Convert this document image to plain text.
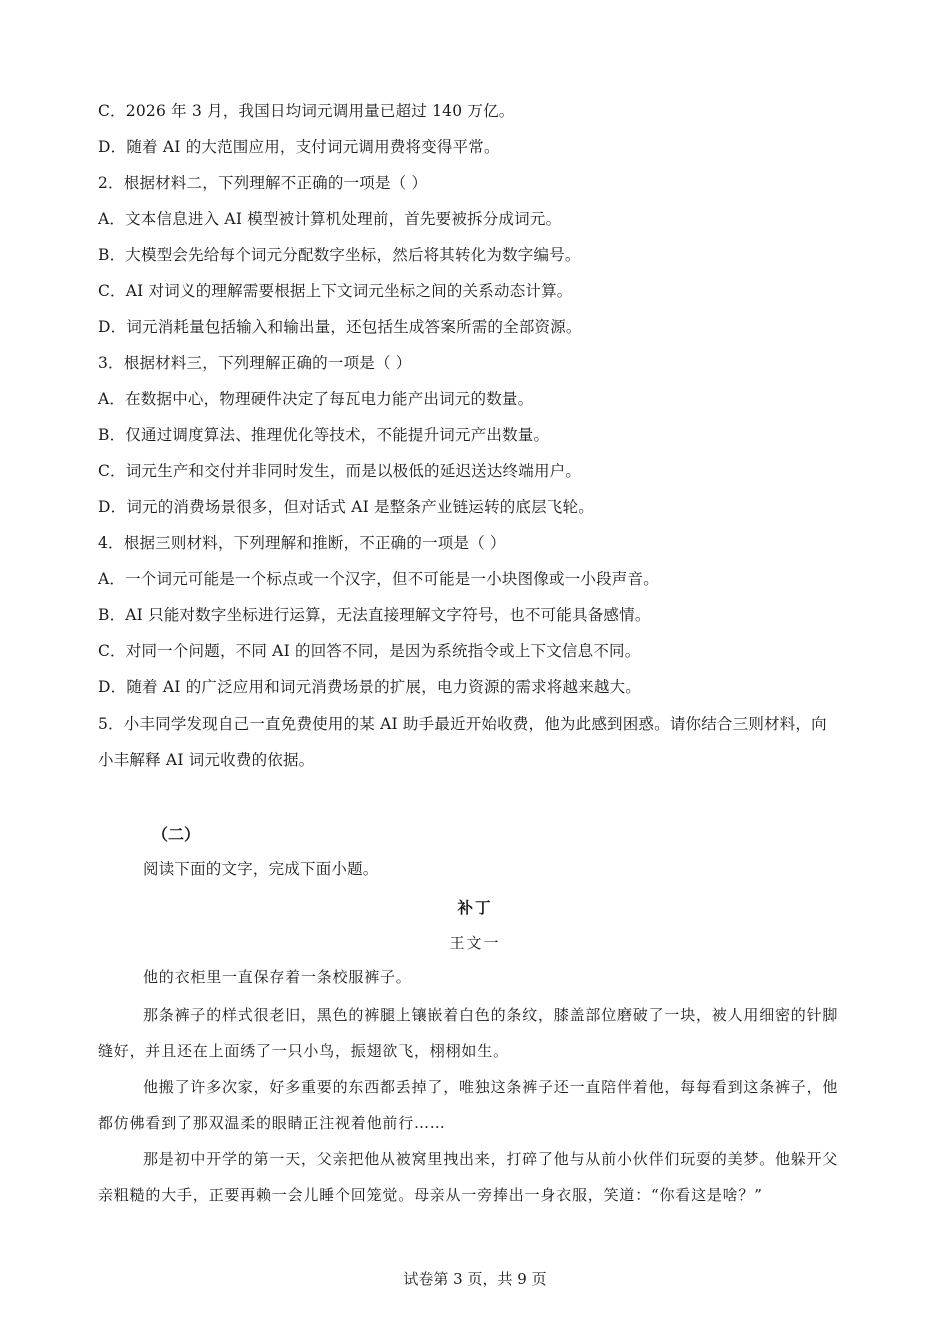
C．2026 年 3 月，我国日均词元调用量已超过 140 万亿。
D．随着 AI 的大范围应用，支付词元调用费将变得平常。
2．根据材料二，下列理解不正确的一项是（ ）
A．文本信息进入 AI 模型被计算机处理前，首先要被拆分成词元。
B．大模型会先给每个词元分配数字坐标，然后将其转化为数字编号。
C．AI 对词义的理解需要根据上下文词元坐标之间的关系动态计算。
D．词元消耗量包括输入和输出量，还包括生成答案所需的全部资源。
3．根据材料三，下列理解正确的一项是（ ）
A．在数据中心，物理硬件决定了每瓦电力能产出词元的数量。
B．仅通过调度算法、推理优化等技术，不能提升词元产出数量。
C．词元生产和交付并非同时发生，而是以极低的延迟送达终端用户。
D．词元的消费场景很多，但对话式 AI 是整条产业链运转的底层飞轮。
4．根据三则材料，下列理解和推断，不正确的一项是（ ）
A．一个词元可能是一个标点或一个汉字，但不可能是一小块图像或一小段声音。
B．AI 只能对数字坐标进行运算，无法直接理解文字符号，也不可能具备感情。
C．对同一个问题，不同 AI 的回答不同，是因为系统指令或上下文信息不同。
D．随着 AI 的广泛应用和词元消费场景的扩展，电力资源的需求将越来越大。
5．小丰同学发现自己一直免费使用的某 AI 助手最近开始收费，他为此感到困惑。请你结合三则材料，向
小丰解释 AI 词元收费的依据。
（二）
阅读下面的文字，完成下面小题。
补丁
王文一
他的衣柜里一直保存着一条校服裤子。
那条裤子的样式很老旧，黑色的裤腿上镶嵌着白色的条纹，膝盖部位磨破了一块，被人用细密的针脚
缝好，并且还在上面绣了一只小鸟，振翅欲飞，栩栩如生。
他搬了许多次家，好多重要的东西都丢掉了，唯独这条裤子还一直陪伴着他，每每看到这条裤子，他
都仿佛看到了那双温柔的眼睛正注视着他前行……
那是初中开学的第一天，父亲把他从被窝里拽出来，打碎了他与从前小伙伴们玩耍的美梦。他躲开父
亲粗糙的大手，正要再赖一会儿睡个回笼觉。母亲从一旁捧出一身衣服，笑道：“你看这是啥？”
试卷第 3 页，共 9 页
